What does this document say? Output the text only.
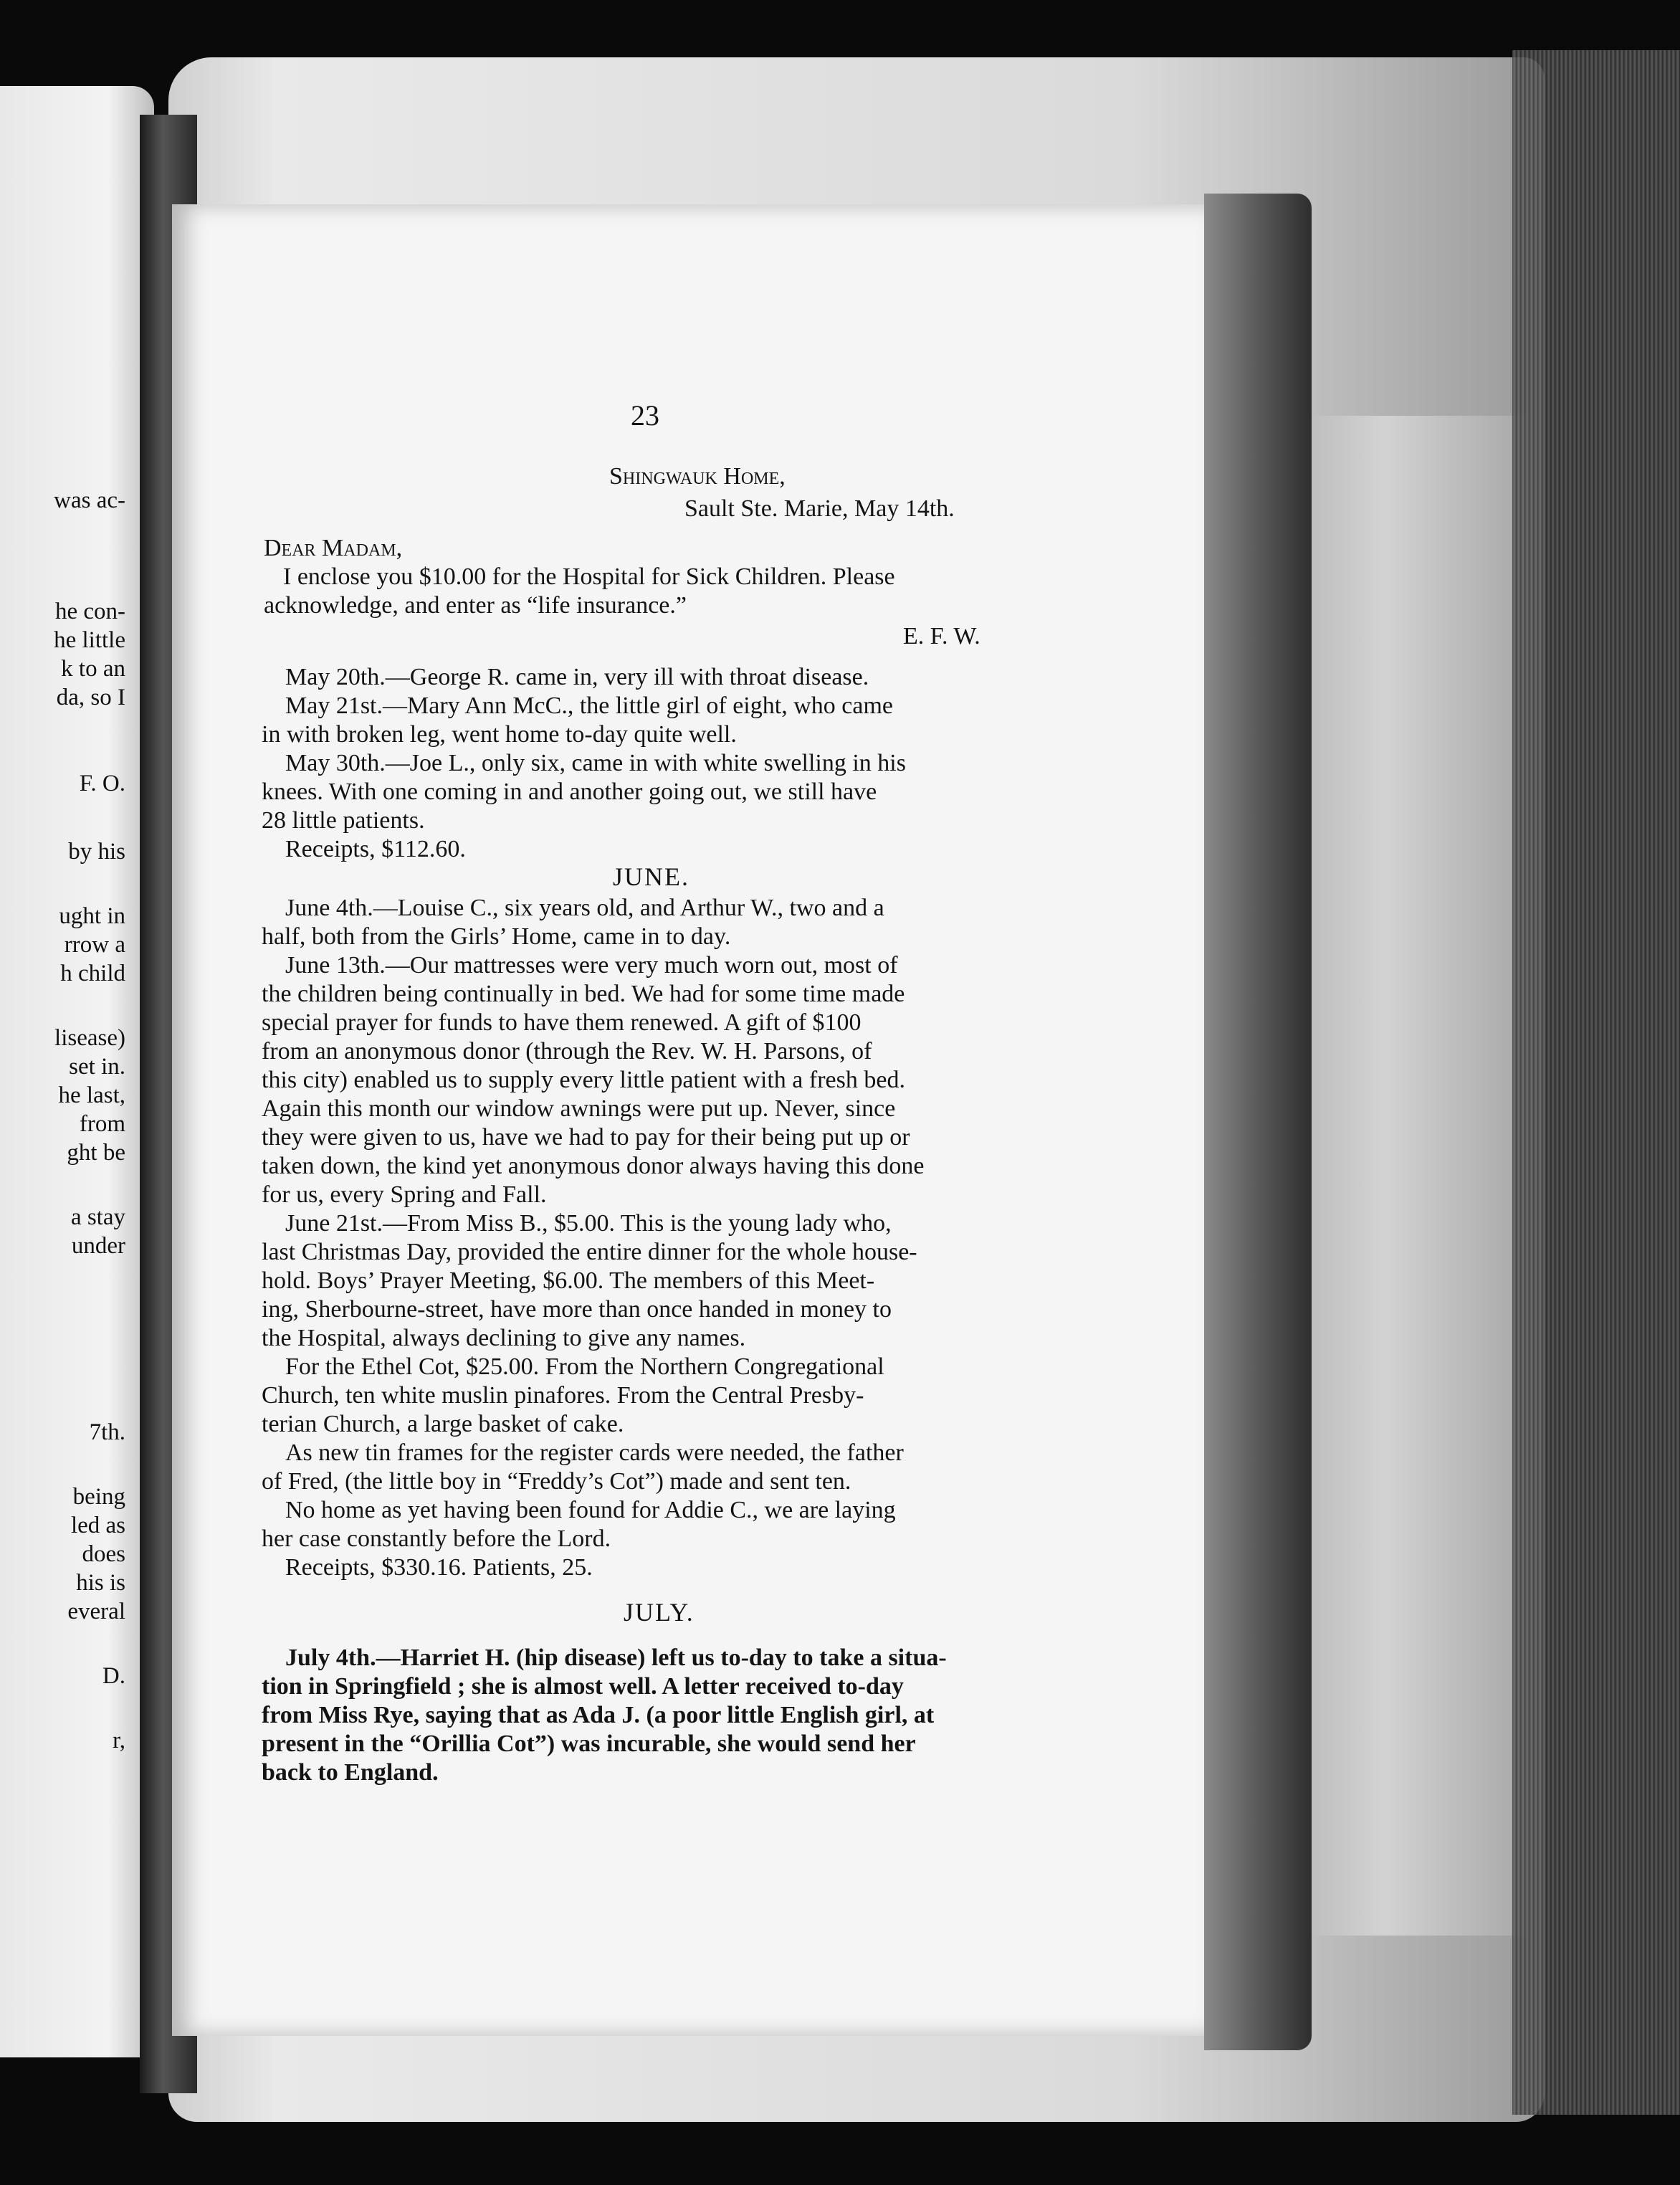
was ac-
he con-
he little
k to an
da, so I
F. O.
by his
ught in
rrow a
h child
lisease)
set in.
he last,
from
ght be
a stay
under
7th.
being
led as
does
his is
everal
D.
r,
23
Shingwauk Home,
Sault Ste. Marie, May 14th.
Dear Madam,
I enclose you $10.00 for the Hospital for Sick Children. Please
acknowledge, and enter as “life insurance.”
E. F. W.
May 20th.—George R. came in, very ill with throat disease.
May 21st.—Mary Ann McC., the little girl of eight, who came
in with broken leg, went home to-day quite well.
May 30th.—Joe L., only six, came in with white swelling in his
knees. With one coming in and another going out, we still have
28 little patients.
Receipts, $112.60.
JUNE.
June 4th.—Louise C., six years old, and Arthur W., two and a
half, both from the Girls’ Home, came in to day.
June 13th.—Our mattresses were very much worn out, most of
the children being continually in bed. We had for some time made
special prayer for funds to have them renewed. A gift of $100
from an anonymous donor (through the Rev. W. H. Parsons, of
this city) enabled us to supply every little patient with a fresh bed.
Again this month our window awnings were put up. Never, since
they were given to us, have we had to pay for their being put up or
taken down, the kind yet anonymous donor always having this done
for us, every Spring and Fall.
June 21st.—From Miss B., $5.00. This is the young lady who,
last Christmas Day, provided the entire dinner for the whole house-
hold. Boys’ Prayer Meeting, $6.00. The members of this Meet-
ing, Sherbourne-street, have more than once handed in money to
the Hospital, always declining to give any names.
For the Ethel Cot, $25.00. From the Northern Congregational
Church, ten white muslin pinafores. From the Central Presby-
terian Church, a large basket of cake.
As new tin frames for the register cards were needed, the father
of Fred, (the little boy in “Freddy’s Cot”) made and sent ten.
No home as yet having been found for Addie C., we are laying
her case constantly before the Lord.
Receipts, $330.16. Patients, 25.
JULY.
July 4th.—Harriet H. (hip disease) left us to-day to take a situa-
tion in Springfield ; she is almost well. A letter received to-day
from Miss Rye, saying that as Ada J. (a poor little English girl, at
present in the “Orillia Cot”) was incurable, she would send her
back to England.
